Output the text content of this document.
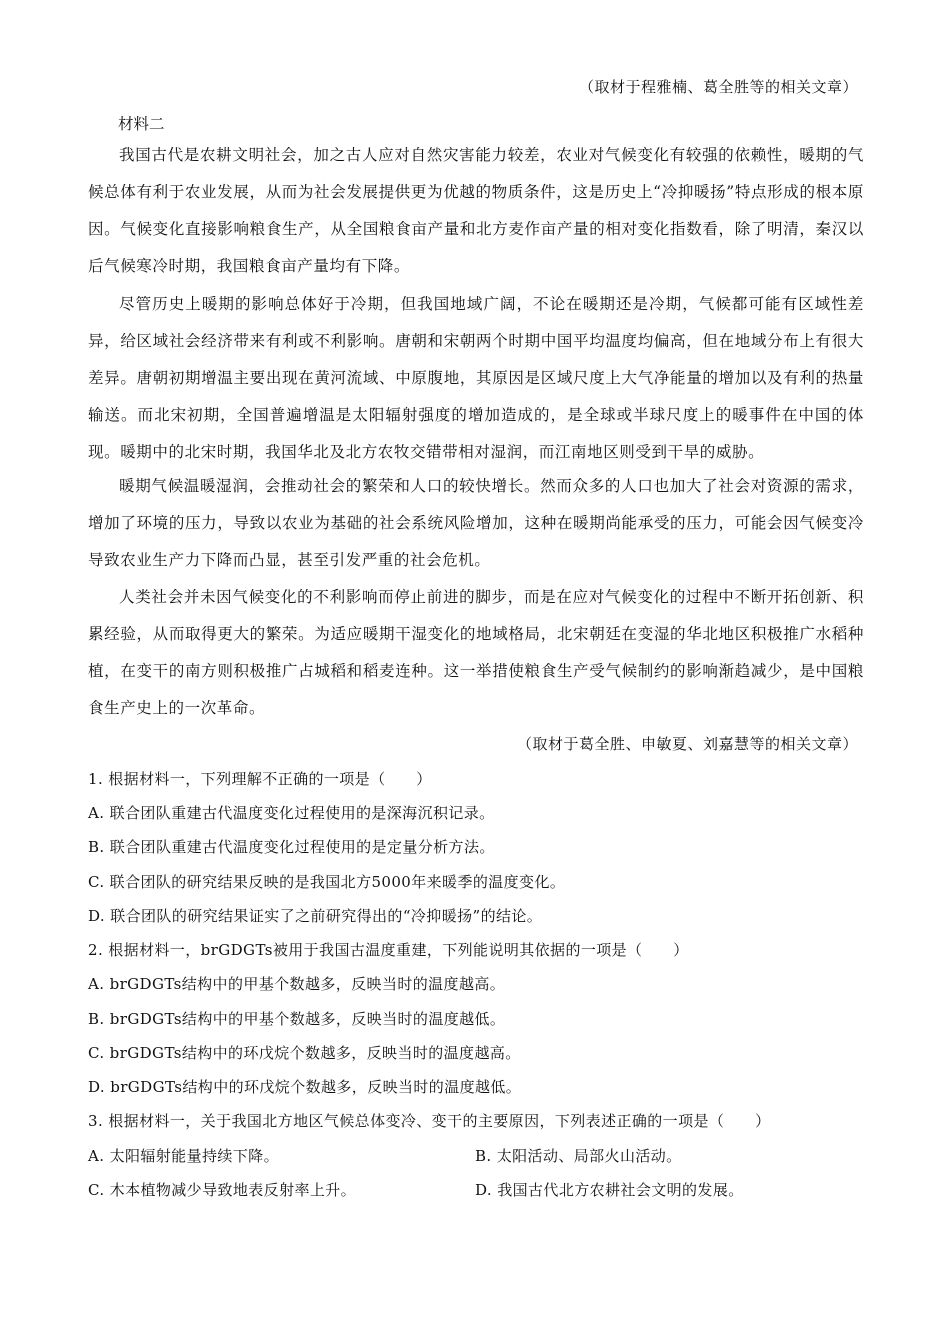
（取材于程雅楠、葛全胜等的相关文章）
材料二

我国古代是农耕文明社会，加之古人应对自然灾害能力较差，农业对气候变化有较强的依赖性，暖期的气候总体有利于农业发展，从而为社会发展提供更为优越的物质条件，这是历史上“冷抑暖扬”特点形成的根本原因。气候变化直接影响粮食生产，从全国粮食亩产量和北方麦作亩产量的相对变化指数看，除了明清，秦汉以后气候寒冷时期，我国粮食亩产量均有下降。

尽管历史上暖期的影响总体好于冷期，但我国地域广阔，不论在暖期还是冷期，气候都可能有区域性差异，给区域社会经济带来有利或不利影响。唐朝和宋朝两个时期中国平均温度均偏高，但在地域分布上有很大差异。唐朝初期增温主要出现在黄河流域、中原腹地，其原因是区域尺度上大气净能量的增加以及有利的热量输送。而北宋初期，全国普遍增温是太阳辐射强度的增加造成的，是全球或半球尺度上的暖事件在中国的体现。暖期中的北宋时期，我国华北及北方农牧交错带相对湿润，而江南地区则受到干旱的威胁。

暖期气候温暖湿润，会推动社会的繁荣和人口的较快增长。然而众多的人口也加大了社会对资源的需求，增加了环境的压力，导致以农业为基础的社会系统风险增加，这种在暖期尚能承受的压力，可能会因气候变冷导致农业生产力下降而凸显，甚至引发严重的社会危机。

人类社会并未因气候变化的不利影响而停止前进的脚步，而是在应对气候变化的过程中不断开拓创新、积累经验，从而取得更大的繁荣。为适应暖期干湿变化的地域格局，北宋朝廷在变湿的华北地区积极推广水稻种植，在变干的南方则积极推广占城稻和稻麦连种。这一举措使粮食生产受气候制约的影响渐趋减少，是中国粮食生产史上的一次革命。

（取材于葛全胜、申敏夏、刘嘉慧等的相关文章）
1. 根据材料一，下列理解不正确的一项是（　　）
A. 联合团队重建古代温度变化过程使用的是深海沉积记录。
B. 联合团队重建古代温度变化过程使用的是定量分析方法。
C. 联合团队的研究结果反映的是我国北方5000年来暖季的温度变化。
D. 联合团队的研究结果证实了之前研究得出的“冷抑暖扬”的结论。
2. 根据材料一，brGDGTs被用于我国古温度重建，下列能说明其依据的一项是（　　）
A. brGDGTs结构中的甲基个数越多，反映当时的温度越高。
B. brGDGTs结构中的甲基个数越多，反映当时的温度越低。
C. brGDGTs结构中的环戊烷个数越多，反映当时的温度越高。
D. brGDGTs结构中的环戊烷个数越多，反映当时的温度越低。
3. 根据材料一，关于我国北方地区气候总体变冷、变干的主要原因，下列表述正确的一项是（　　）
A. 太阳辐射能量持续下降。	B. 太阳活动、局部火山活动。
C. 木本植物减少导致地表反射率上升。	D. 我国古代北方农耕社会文明的发展。
